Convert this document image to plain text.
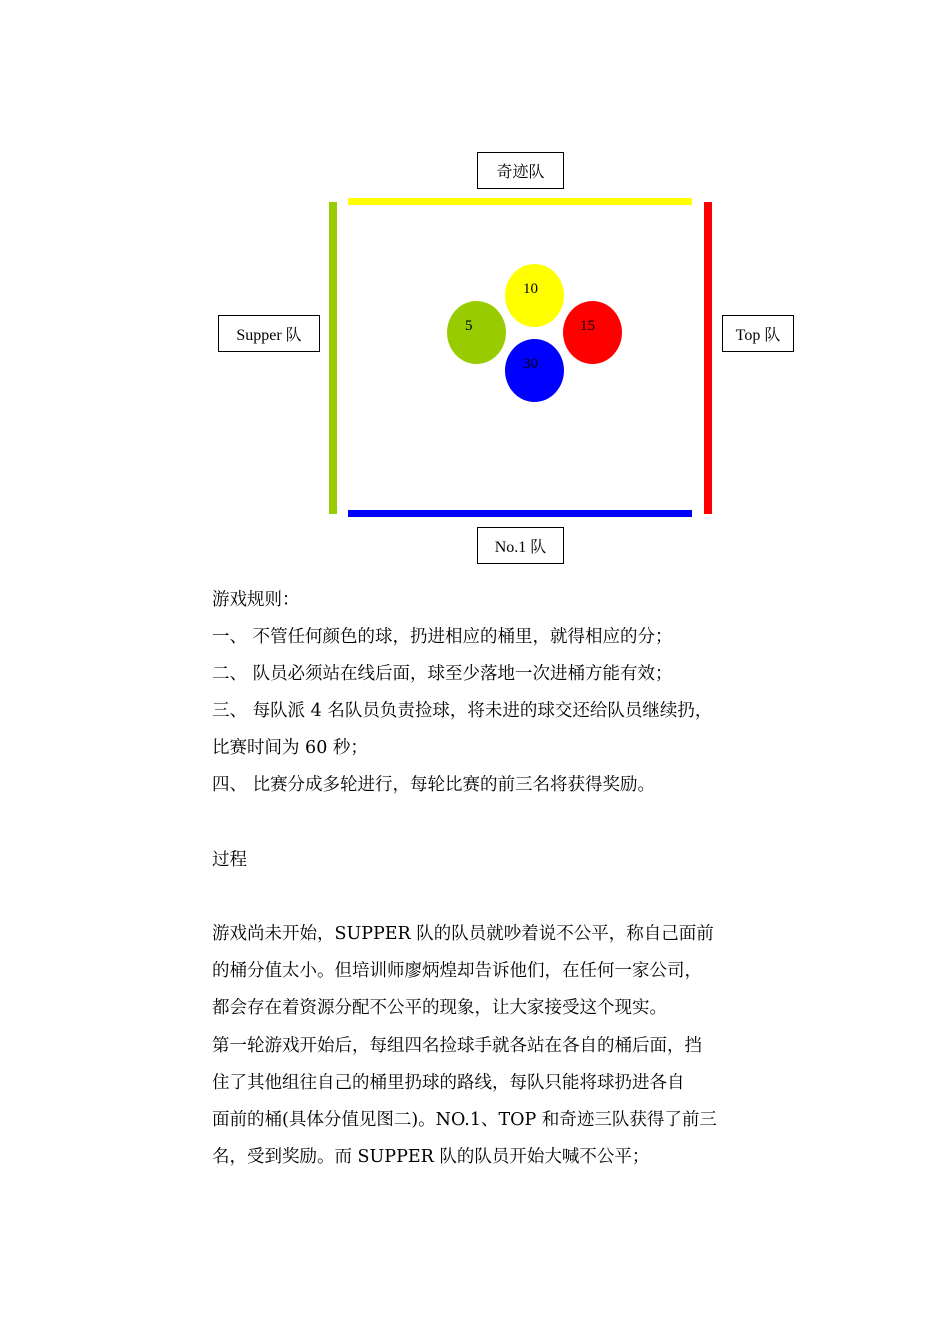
奇迹队
Supper 队	Top 队
No.1 队
10
5	15
30

游戏规则：

一、 不管任何颜色的球，扔进相应的桶里，就得相应的分；

二、 队员必须站在线后面，球至少落地一次进桶方能有效；

三、 每队派 4 名队员负责捡球，将未进的球交还给队员继续扔，

比赛时间为 60 秒；

四、 比赛分成多轮进行，每轮比赛的前三名将获得奖励。

过程

游戏尚未开始，SUPPER 队的队员就吵着说不公平，称自己面前

的桶分值太小。但培训师廖炳煌却告诉他们，在任何一家公司，

都会存在着资源分配不公平的现象，让大家接受这个现实。

第一轮游戏开始后，每组四名捡球手就各站在各自的桶后面，挡

住了其他组往自己的桶里扔球的路线，每队只能将球扔进各自

面前的桶(具体分值见图二)。NO.1、TOP 和奇迹三队获得了前三

名，受到奖励。而 SUPPER 队的队员开始大喊不公平；
